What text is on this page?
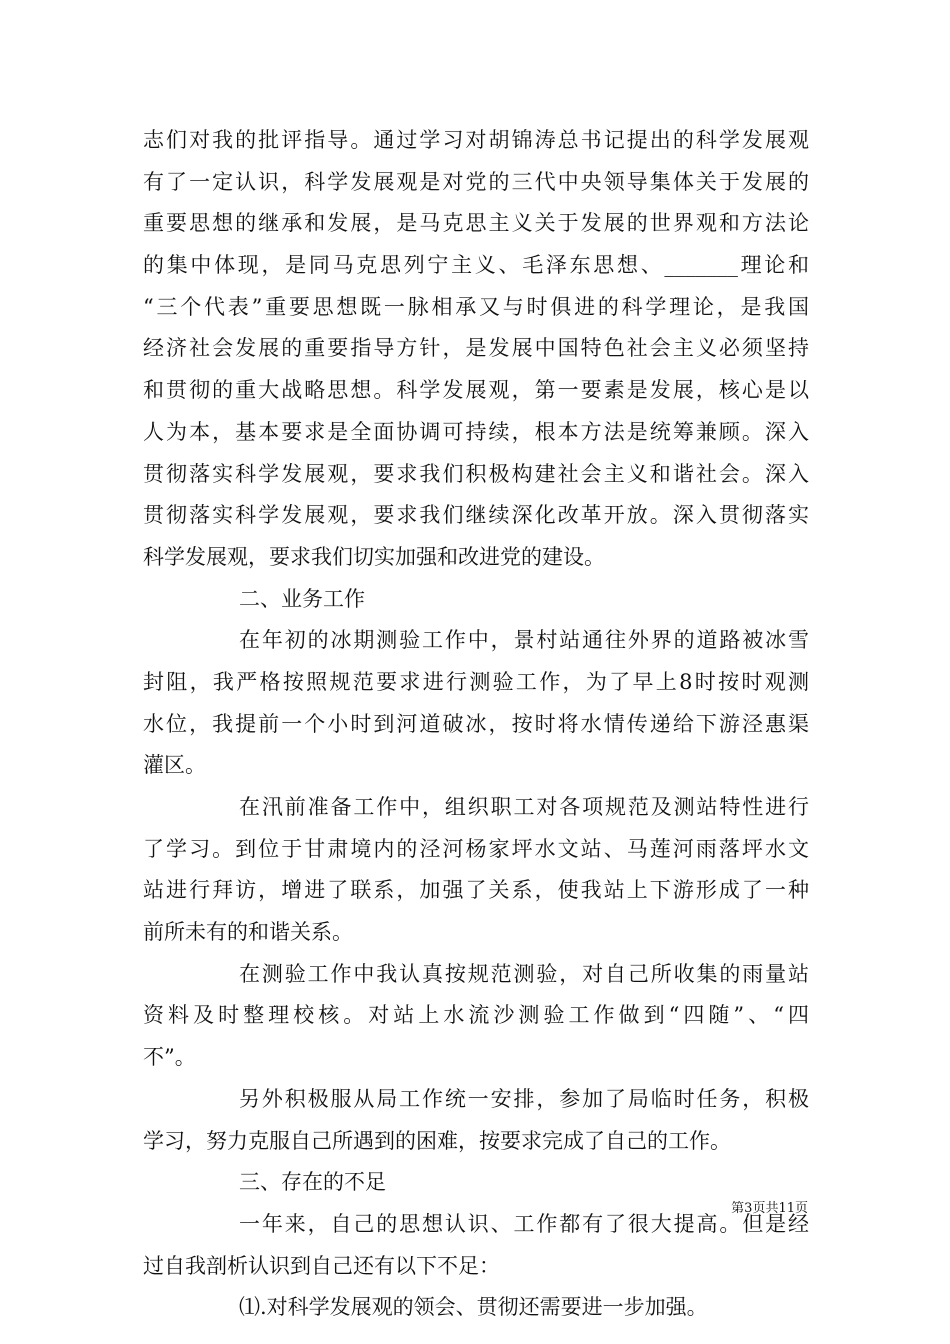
志们对我的批评指导。通过学习对胡锦涛总书记提出的科学发展观
有了一定认识，科学发展观是对党的三代中央领导集体关于发展的
重要思想的继承和发展，是马克思主义关于发展的世界观和方法论
的集中体现，是同马克思列宁主义、毛泽东思想、_______理论和
“三个代表”重要思想既一脉相承又与时俱进的科学理论，是我国
经济社会发展的重要指导方针，是发展中国特色社会主义必须坚持
和贯彻的重大战略思想。科学发展观，第一要素是发展，核心是以
人为本，基本要求是全面协调可持续，根本方法是统筹兼顾。深入
贯彻落实科学发展观，要求我们积极构建社会主义和谐社会。深入
贯彻落实科学发展观，要求我们继续深化改革开放。深入贯彻落实
科学发展观，要求我们切实加强和改进党的建设。
二、业务工作
在年初的冰期测验工作中，景村站通往外界的道路被冰雪
封阻，我严格按照规范要求进行测验工作，为了早上8时按时观测
水位，我提前一个小时到河道破冰，按时将水情传递给下游泾惠渠
灌区。
在汛前准备工作中，组织职工对各项规范及测站特性进行
了学习。到位于甘肃境内的泾河杨家坪水文站、马莲河雨落坪水文
站进行拜访，增进了联系，加强了关系，使我站上下游形成了一种
前所未有的和谐关系。
在测验工作中我认真按规范测验，对自己所收集的雨量站
资料及时整理校核。对站上水流沙测验工作做到“四随”、“四
不”。
另外积极服从局工作统一安排，参加了局临时任务，积极
学习，努力克服自己所遇到的困难，按要求完成了自己的工作。
三、存在的不足
一年来，自己的思想认识、工作都有了很大提高。但是经
过自我剖析认识到自己还有以下不足：
⑴.对科学发展观的领会、贯彻还需要进一步加强。
第3页共11页
